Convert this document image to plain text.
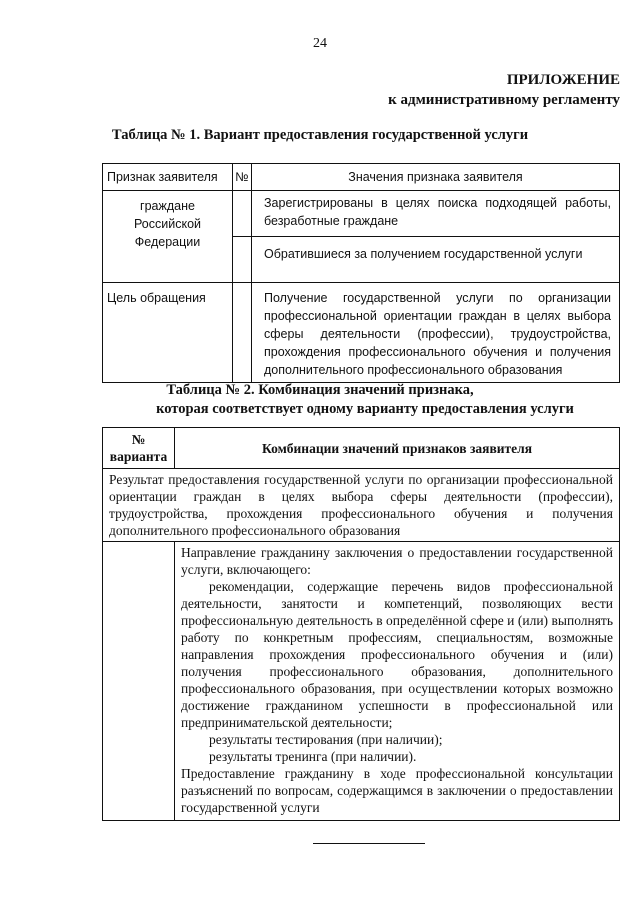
24
ПРИЛОЖЕНИЕ
к административному регламенту
Таблица № 1. Вариант предоставления государственной услуги
Признак заявителя	№	Значения признака заявителя
граждане Российской Федерации		Зарегистрированы в целях поиска подходящей работы, безработные граждане
		Обратившиеся за получением государственной услуги
Цель обращения		Получение государственной услуги по организации профессиональной ориентации граждан в целях выбора сферы деятельности (профессии), трудоустройства, прохождения профессионального обучения и получения дополнительного профессионального образования
Таблица № 2. Комбинация значений признака,
которая соответствует одному варианту предоставления услуги
№ варианта	Комбинации значений признаков заявителя
Результат предоставления государственной услуги по организации профессиональной ориентации граждан в целях выбора сферы деятельности (профессии), трудоустройства, прохождения профессионального обучения и получения дополнительного профессионального образования	

	Направление гражданину заключения о предоставлении государственной услуги, включающего:
рекомендации, содержащие перечень видов профессиональной деятельности, занятости и компетенций, позволяющих вести профессиональную деятельность в определённой сфере и (или) выполнять работу по конкретным профессиям, специальностям, возможные направления прохождения профессионального обучения и (или) получения профессионального образования, дополнительного профессионального образования, при осуществлении которых возможно достижение гражданином успешности в профессиональной или предпринимательской деятельности;
результаты тестирования (при наличии);
результаты тренинга (при наличии).
Предоставление гражданину в ходе профессиональной консультации разъяснений по вопросам, содержащимся в заключении о предоставлении государственной услуги
